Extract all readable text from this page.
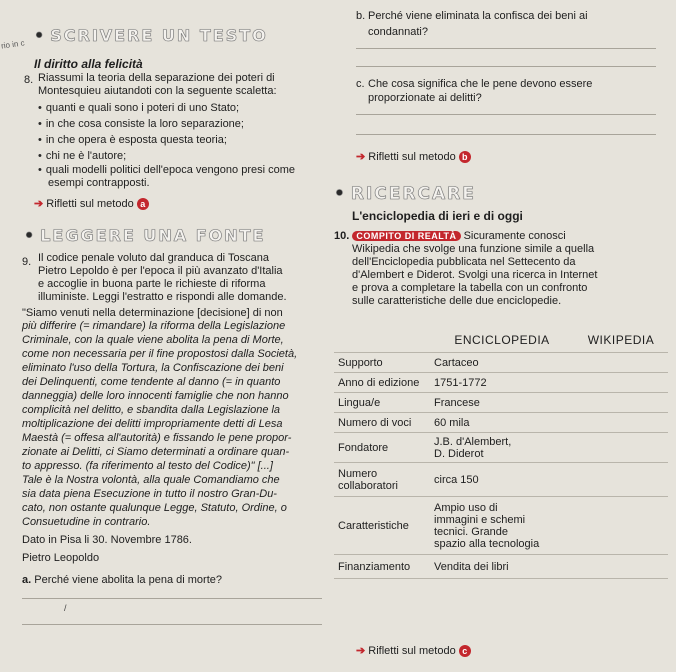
rio in c •	SCRIVERE UN TESTO
Il diritto alla felicità
8. Riassumi la teoria della separazione dei poteri di
Montesquieu aiutandoti con la seguente scaletta:
• quanti e quali sono i poteri di uno Stato;
• in che cosa consiste la loro separazione;
• in che opera è esposta questa teoria;
• chi ne è l'autore;
• quali modelli politici dell'epoca vengono presi come
esempi contrapposti.
➔ Rifletti sul metodo a
• LEGGERE UNA FONTE
9. Il codice penale voluto dal granduca di Toscana
Pietro Lepoldo è per l'epoca il più avanzato d'Italia
e accoglie in buona parte le richieste di riforma
illuministe. Leggi l'estratto e rispondi alle domande.
"Siamo venuti nella determinazione [decisione] di non
più differire (= rimandare) la riforma della Legislazione
Criminale, con la quale viene abolita la pena di Morte,
come non necessaria per il fine propostosi dalla Società,
eliminato l'uso della Tortura, la Confiscazione dei beni
dei Delinquenti, come tendente al danno (= in quanto
danneggia) delle loro innocenti famiglie che non hanno
complicità nel delitto, e sbandita dalla Legislazione la
moltiplicazione dei delitti impropriamente detti di Lesa
Maestà (= offesa all'autorità) e fissando le pene propor-
zionate ai Delitti, ci Siamo determinati a ordinare quan-
to appresso. (fa riferimento al testo del Codice)" [...]
Tale è la Nostra volontà, alla quale Comandiamo che
sia data piena Esecuzione in tutto il nostro Gran-Du-
cato, non ostante qualunque Legge, Statuto, Ordine, o
Consuetudine in contrario.
Dato in Pisa li 30. Novembre 1786.
Pietro Leopoldo
a. Perché viene abolita la pena di morte?
/
b. Perché viene eliminata la confisca dei beni ai
condannati?
c. Che cosa significa che le pene devono essere
proporzionate ai delitti?
➔ Rifletti sul metodo b
• RICERCARE
L'enciclopedia di ieri e di oggi
10. COMPITO DI REALTÀ Sicuramente conosci
Wikipedia che svolge una funzione simile a quella
dell'Enciclopedia pubblicata nel Settecento da
d'Alembert e Diderot. Svolgi una ricerca in Internet
e prova a completare la tabella con un confronto
sulle caratteristiche delle due enciclopedie.
	ENCICLOPEDIA	WIKIPEDIA
Supporto	Cartaceo	
Anno di edizione	1751-1772	
Lingua/e	Francese	
Numero di voci	60 mila	
Fondatore	J.B. d'Alembert,
D. Diderot	
Numero
collaboratori	circa 150	
Caratteristiche	Ampio uso di
immagini e schemi
tecnici. Grande
spazio alla tecnologia	
Finanziamento	Vendita dei libri	
➔ Rifletti sul metodo c
